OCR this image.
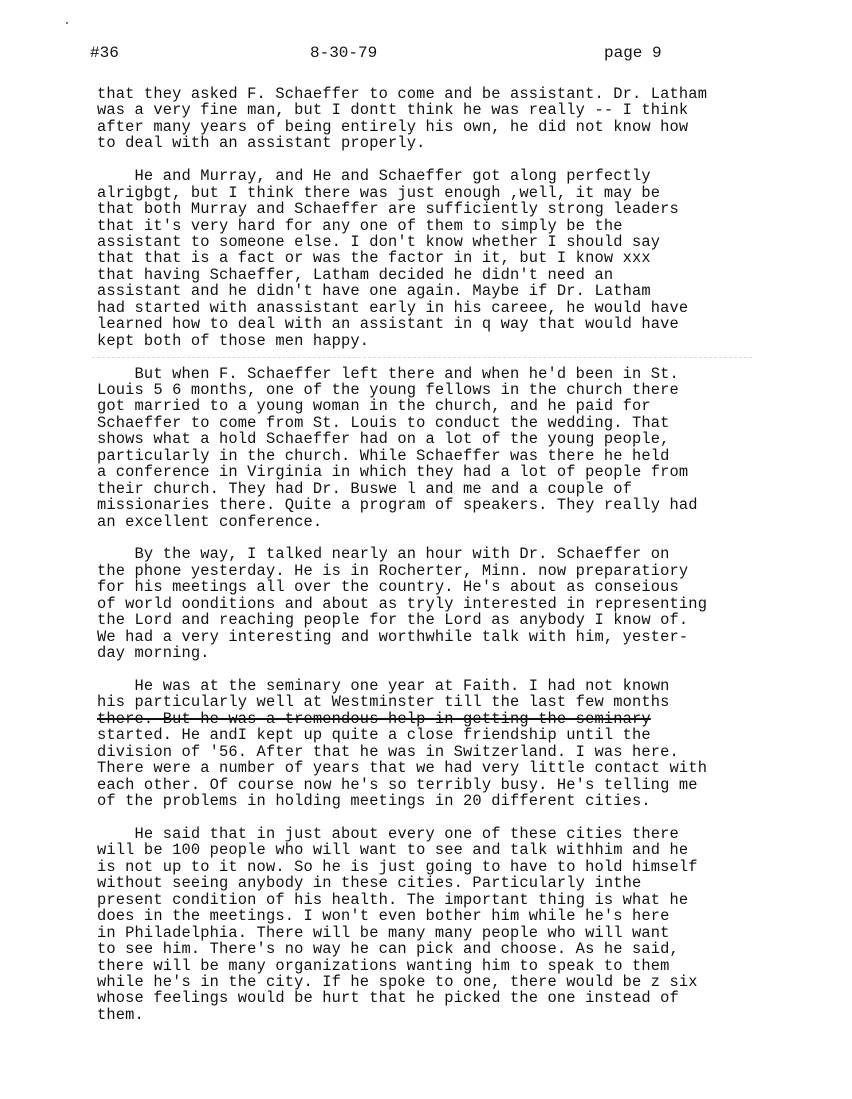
#36	8-30-79	page 9
that they asked F. Schaeffer to come and be assistant. Dr. Latham
was a very fine man, but I dontt think he was really -- I think
after many years of being entirely his own, he did not know how
to deal with an assistant properly.
He and Murray, and He and Schaeffer got along perfectly
alrigbgt, but I think there was just enough ,well, it may be
that both Murray and Schaeffer are sufficiently strong leaders
that it's very hard for any one of them to simply be the
assistant to someone else. I don't know whether I should say
that that is a fact or was the factor in it, but I know xxx
that having Schaeffer, Latham decided he didn't need an
assistant and he didn't have one again. Maybe if Dr. Latham
had started with anassistant early in his careee, he would have
learned how to deal with an assistant in q way that would have
kept both of those men happy.
But when F. Schaeffer left there and when he'd been in St.
Louis 5 6 months, one of the young fellows in the church there
got married to a young woman in the church, and he paid for
Schaeffer to come from St. Louis to conduct the wedding. That
shows what a hold Schaeffer had on a lot of the young people,
particularly in the church. While Schaeffer was there he held
a conference in Virginia in which they had a lot of people from
their church. They had Dr. Buswe l and me and a couple of
missionaries there. Quite a program of speakers. They really had
an excellent conference.
By the way, I talked nearly an hour with Dr. Schaeffer on
the phone yesterday. He is in Rocherter, Minn. now preparatiory
for his meetings all over the country. He's about as conseious
of world oonditions and about as tryly interested in representing
the Lord and reaching people for the Lord as anybody I know of.
We had a very interesting and worthwhile talk with him, yester-
day morning.
He was at the seminary one year at Faith. I had not known
his particularly well at Westminster till the last few months
there. But he was a tremendous help in getting the seminary
started. He andI kept up quite a close friendship until the
division of '56. After that he was in Switzerland. I was here.
There were a number of years that we had very little contact with
each other. Of course now he's so terribly busy. He's telling me
of the problems in holding meetings in 20 different cities.
He said that in just about every one of these cities there
will be 100 people who will want to see and talk withhim and he
is not up to it now. So he is just going to have to hold himself
without seeing anybody in these cities. Particularly inthe
present condition of his health. The important thing is what he
does in the meetings. I won't even bother him while he's here
in Philadelphia. There will be many many people who will want
to see him. There's no way he can pick and choose. As he said,
there will be many organizations wanting him to speak to them
while he's in the city. If he spoke to one, there would be z six
whose feelings would be hurt that he picked the one instead of
them.
